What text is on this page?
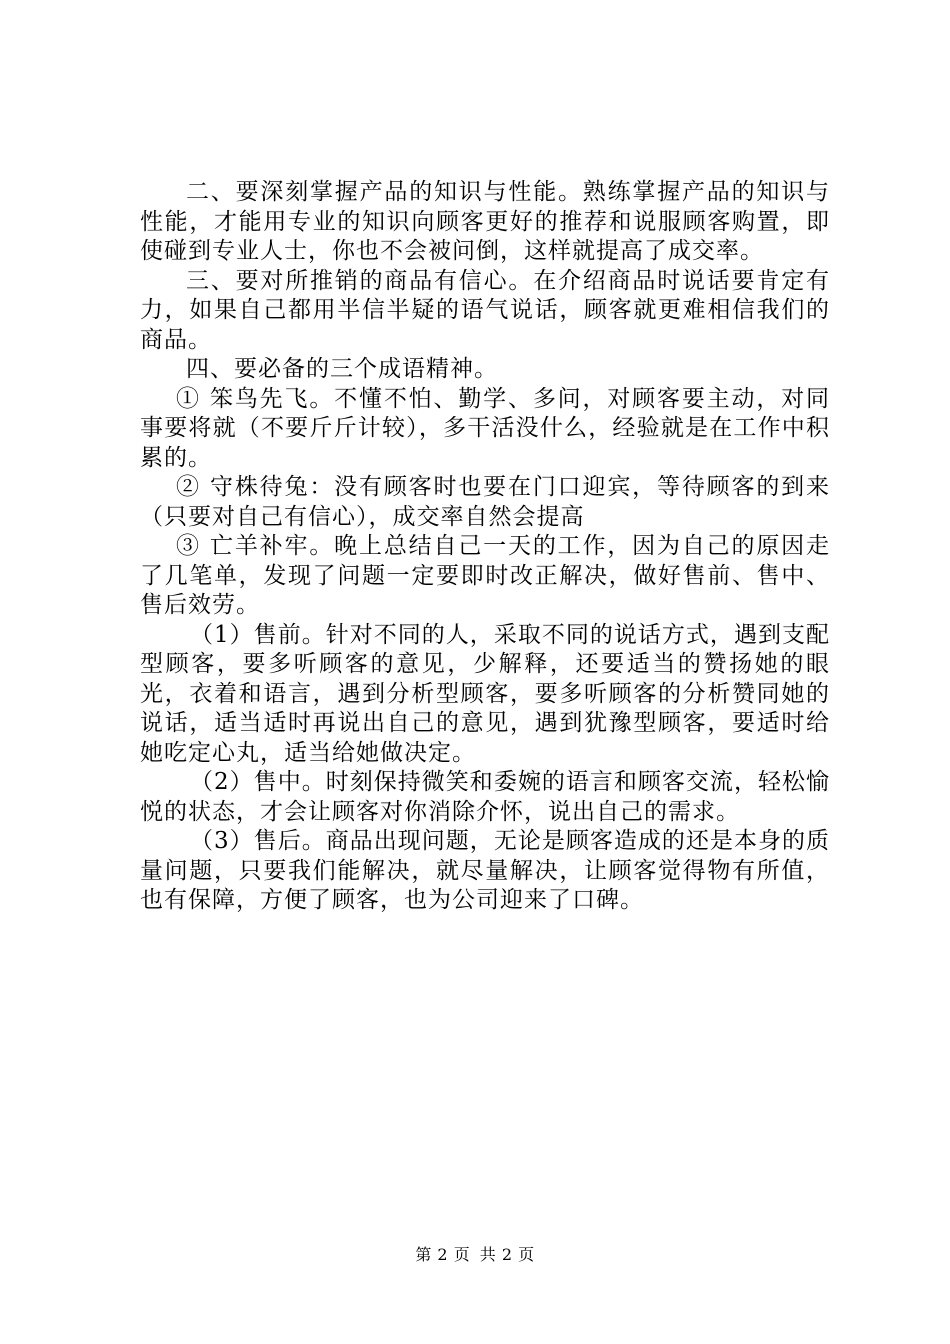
二、要深刻掌握产品的知识与性能。熟练掌握产品的知识与性能，才能用专业的知识向顾客更好的推荐和说服顾客购置，即使碰到专业人士，你也不会被问倒，这样就提高了成交率。

三、要对所推销的商品有信心。在介绍商品时说话要肯定有力，如果自己都用半信半疑的语气说话，顾客就更难相信我们的商品。

四、要必备的三个成语精神。

① 笨鸟先飞。不懂不怕、勤学、多问，对顾客要主动，对同事要将就（不要斤斤计较），多干活没什么，经验就是在工作中积累的。

② 守株待兔：没有顾客时也要在门口迎宾，等待顾客的到来（只要对自己有信心），成交率自然会提高

③ 亡羊补牢。晚上总结自己一天的工作，因为自己的原因走了几笔单，发现了问题一定要即时改正解决，做好售前、售中、售后效劳。

（1）售前。针对不同的人，采取不同的说话方式，遇到支配型顾客，要多听顾客的意见，少解释，还要适当的赞扬她的眼光，衣着和语言，遇到分析型顾客，要多听顾客的分析赞同她的说话，适当适时再说出自己的意见，遇到犹豫型顾客，要适时给她吃定心丸，适当给她做决定。

（2）售中。时刻保持微笑和委婉的语言和顾客交流，轻松愉悦的状态，才会让顾客对你消除介怀，说出自己的需求。

（3）售后。商品出现问题，无论是顾客造成的还是本身的质量问题，只要我们能解决，就尽量解决，让顾客觉得物有所值，也有保障，方便了顾客，也为公司迎来了口碑。

第 2 页 共 2 页
